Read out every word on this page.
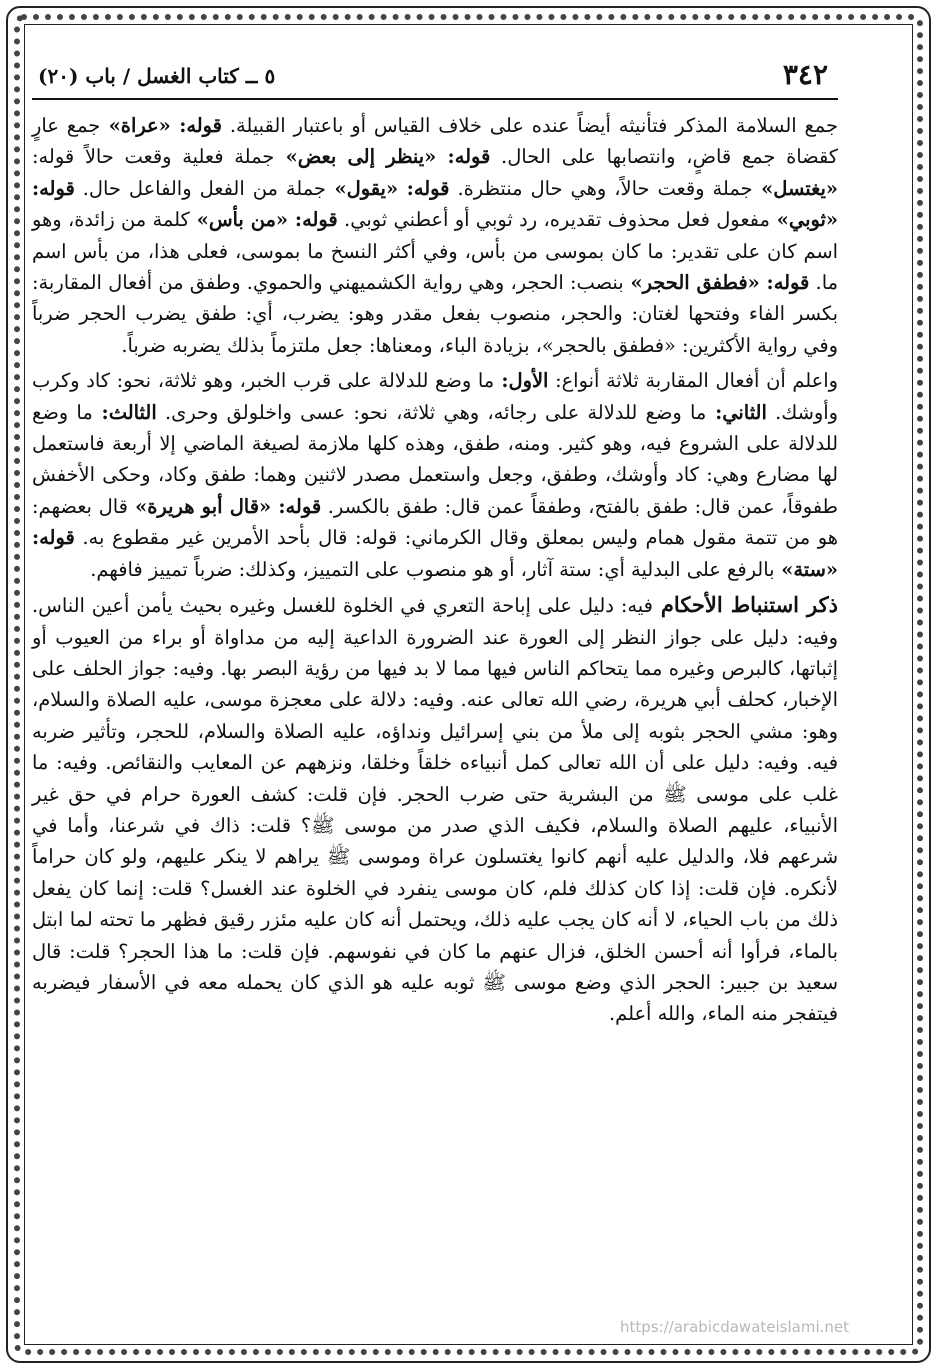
٣٤٢
٥ ــ كتاب الغسل / باب (٢٠)

جمع السلامة المذكر فتأنيثه أيضاً عنده على خلاف القياس أو باعتبار القبيلة. قوله: «عراة» جمع عارٍ كقضاة جمع قاضٍ، وانتصابها على الحال. قوله: «ينظر إلى بعض» جملة فعلية وقعت حالاً قوله: «يغتسل» جملة وقعت حالاً، وهي حال منتظرة. قوله: «يقول» جملة من الفعل والفاعل حال. قوله: «ثوبي» مفعول فعل محذوف تقديره، رد ثوبي أو أعطني ثوبي. قوله: «من بأس» كلمة من زائدة، وهو اسم كان على تقدير: ما كان بموسى من بأس، وفي أكثر النسخ ما بموسى، فعلى هذا، من بأس اسم ما. قوله: «فطفق الحجر» بنصب: الحجر، وهي رواية الكشميهني والحموي. وطفق من أفعال المقاربة: بكسر الفاء وفتحها لغتان: والحجر، منصوب بفعل مقدر وهو: يضرب، أي: طفق يضرب الحجر ضرباً وفي رواية الأكثرين: «فطفق بالحجر»، بزيادة الباء، ومعناها: جعل ملتزماً بذلك يضربه ضرباً.

واعلم أن أفعال المقاربة ثلاثة أنواع: الأول: ما وضع للدلالة على قرب الخبر، وهو ثلاثة، نحو: كاد وكرب وأوشك. الثاني: ما وضع للدلالة على رجائه، وهي ثلاثة، نحو: عسى واخلولق وحرى. الثالث: ما وضع للدلالة على الشروع فيه، وهو كثير. ومنه، طفق، وهذه كلها ملازمة لصيغة الماضي إلا أربعة فاستعمل لها مضارع وهي: كاد وأوشك، وطفق، وجعل واستعمل مصدر لاثنين وهما: طفق وكاد، وحكى الأخفش طفوقاً، عمن قال: طفق بالفتح، وطفقاً عمن قال: طفق بالكسر. قوله: «قال أبو هريرة» قال بعضهم: هو من تتمة مقول همام وليس بمعلق وقال الكرماني: قوله: قال بأحد الأمرين غير مقطوع به. قوله: «ستة» بالرفع على البدلية أي: ستة آثار، أو هو منصوب على التمييز، وكذلك: ضرباً تمييز فافهم.

ذكر استنباط الأحكام فيه: دليل على إباحة التعري في الخلوة للغسل وغيره بحيث يأمن أعين الناس. وفيه: دليل على جواز النظر إلى العورة عند الضرورة الداعية إليه من مداواة أو براء من العيوب أو إثباتها، كالبرص وغيره مما يتحاكم الناس فيها مما لا بد فيها من رؤية البصر بها. وفيه: جواز الحلف على الإخبار، كحلف أبي هريرة، رضي الله تعالى عنه. وفيه: دلالة على معجزة موسى، عليه الصلاة والسلام، وهو: مشي الحجر بثوبه إلى ملأ من بني إسرائيل ونداؤه، عليه الصلاة والسلام، للحجر، وتأثير ضربه فيه. وفيه: دليل على أن الله تعالى كمل أنبياءه خلقاً وخلقا، ونزههم عن المعايب والنقائص. وفيه: ما غلب على موسى ﷺ من البشرية حتى ضرب الحجر. فإن قلت: كشف العورة حرام في حق غير الأنبياء، عليهم الصلاة والسلام، فكيف الذي صدر من موسى ﷺ؟ قلت: ذاك في شرعنا، وأما في شرعهم فلا، والدليل عليه أنهم كانوا يغتسلون عراة وموسى ﷺ يراهم لا ينكر عليهم، ولو كان حراماً لأنكره. فإن قلت: إذا كان كذلك فلم، كان موسى ينفرد في الخلوة عند الغسل؟ قلت: إنما كان يفعل ذلك من باب الحياء، لا أنه كان يجب عليه ذلك، ويحتمل أنه كان عليه مئزر رقيق فظهر ما تحته لما ابتل بالماء، فرأوا أنه أحسن الخلق، فزال عنهم ما كان في نفوسهم. فإن قلت: ما هذا الحجر؟ قلت: قال سعيد بن جبير: الحجر الذي وضع موسى ﷺ ثوبه عليه هو الذي كان يحمله معه في الأسفار فيضربه فيتفجر منه الماء، والله أعلم.

https://arabicdawateislami.net
